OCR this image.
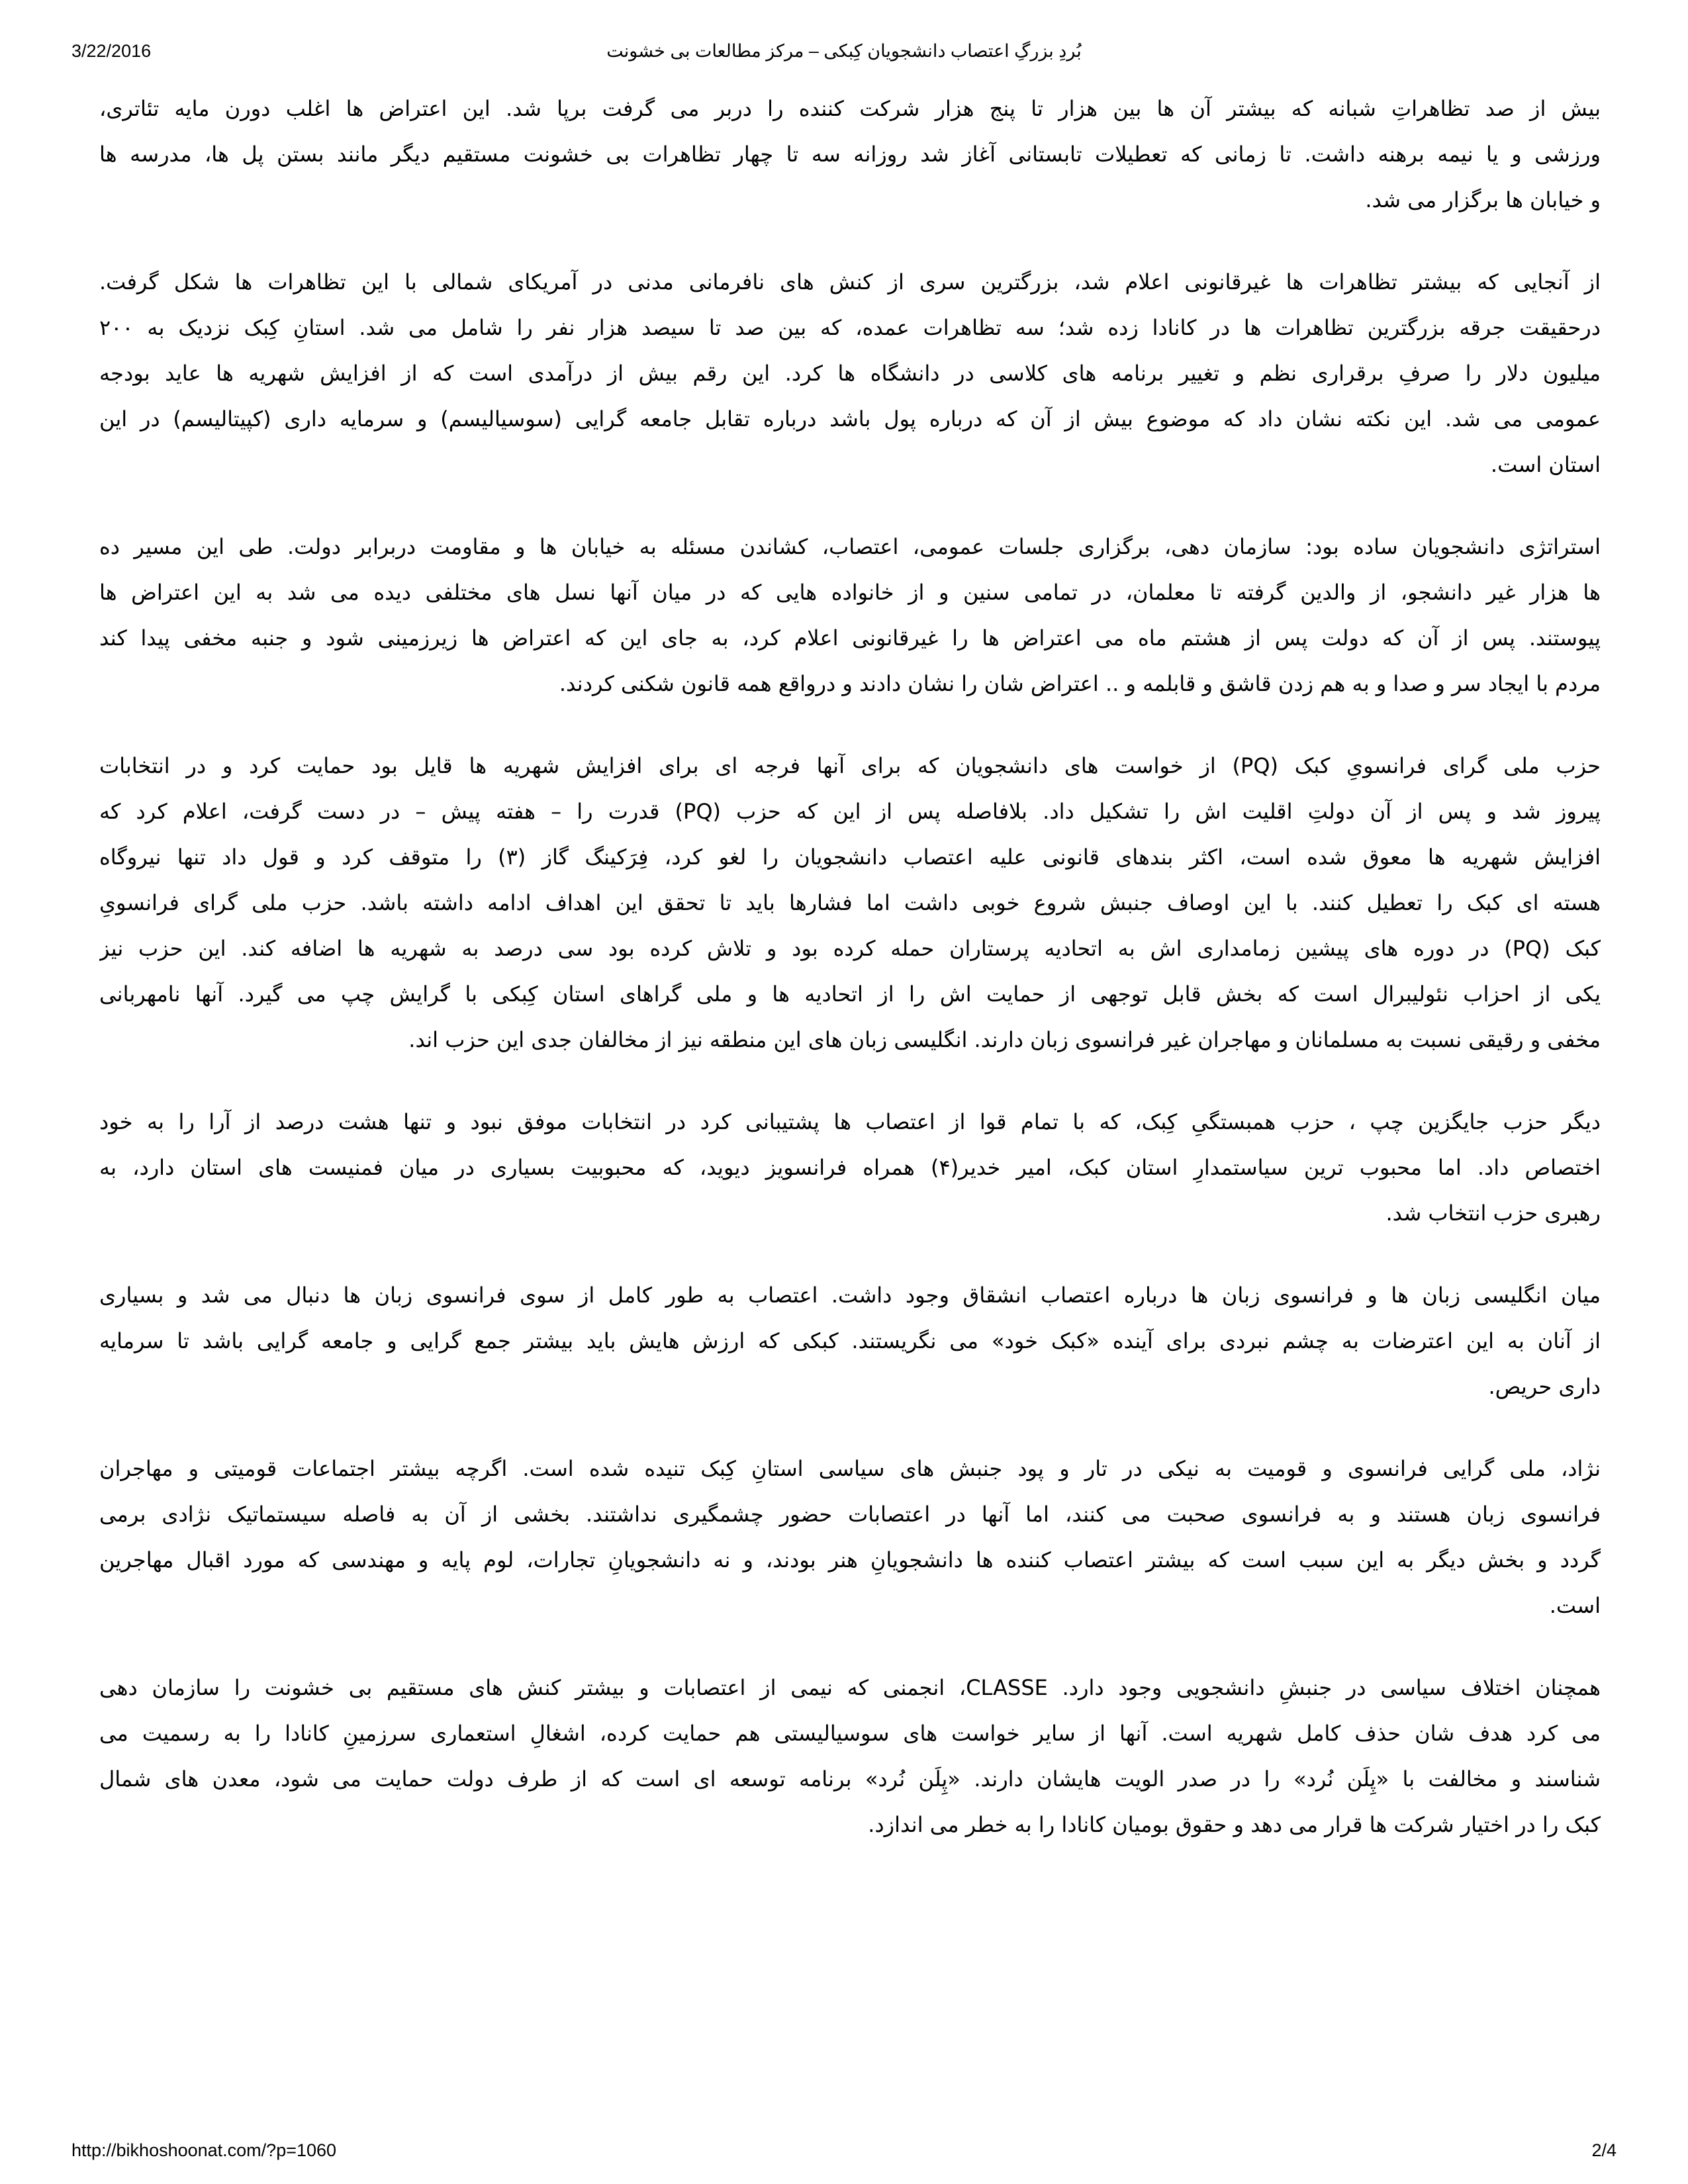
3/22/2016	بُردِ بزرگِ اعتصاب دانشجویان کِبکی – مرکز مطالعات بی خشونت
بیش از صد تظاهراتِ شبانه که بیشتر آن ها بین هزار تا پنج هزار شرکت کننده را دربر می گرفت برپا شد. این اعتراض ها اغلب دورن مایه تئاتری،
ورزشی و یا نیمه برهنه داشت. تا زمانی که تعطیلات تابستانی آغاز شد روزانه سه تا چهار تظاهرات بی خشونت مستقیم دیگر مانند بستن پل ها، مدرسه ها
و خیابان ها برگزار می شد.
از آنجایی که بیشتر تظاهرات ها غیرقانونی اعلام شد، بزرگترین سری از کنش های نافرمانی مدنی در آمریکای شمالی با این تظاهرات ها شکل گرفت.
درحقیقت جرقه بزرگترین تظاهرات ها در کانادا زده شد؛ سه تظاهرات عمده، که بین صد تا سیصد هزار نفر را شامل می شد. استانِ کِبک نزدیک به ۲۰۰
میلیون دلار را صرفِ برقراری نظم و تغییر برنامه های کلاسی در دانشگاه ها کرد. این رقم بیش از درآمدی است که از افزایش شهریه ها عاید بودجه
عمومی می شد. این نکته نشان داد که موضوع بیش از آن که درباره پول باشد درباره تقابل جامعه گرایی (سوسیالیسم) و سرمایه داری (کپیتالیسم) در این
استان است.
استراتژی دانشجویان ساده بود: سازمان دهی، برگزاری جلسات عمومی، اعتصاب، کشاندن مسئله به خیابان ها و مقاومت دربرابر دولت. طی این مسیر ده
ها هزار غیر دانشجو، از والدین گرفته تا معلمان، در تمامی سنین و از خانواده هایی که در میان آنها نسل های مختلفی دیده می شد به این اعتراض ها
پیوستند. پس از آن که دولت پس از هشتم ماه می اعتراض ها را غیرقانونی اعلام کرد، به جای این که اعتراض ها زیرزمینی شود و جنبه مخفی پیدا کند
مردم با ایجاد سر و صدا و به هم زدن قاشق و قابلمه و .. اعتراض شان را نشان دادند و درواقع همه قانون شکنی کردند.
حزب ملی گرای فرانسویِ کبک (PQ) از خواست های دانشجویان که برای آنها فرجه ای برای افزایش شهریه ها قایل بود حمایت کرد و در انتخابات
پیروز شد و پس از آن دولتِ اقلیت اش را تشکیل داد. بلافاصله پس از این که حزب (PQ) قدرت را – هفته پیش – در دست گرفت، اعلام کرد که
افزایش شهریه ها معوق شده است، اکثر بندهای قانونی علیه اعتصاب دانشجویان را لغو کرد، فِرَکینگ گاز (۳) را متوقف کرد و قول داد تنها نیروگاه
هسته ای کبک را تعطیل کنند. با این اوصاف جنبش شروع خوبی داشت اما فشارها باید تا تحقق این اهداف ادامه داشته باشد. حزب ملی گرای فرانسویِ
کبک (PQ) در دوره های پیشین زمامداری اش به اتحادیه پرستاران حمله کرده بود و تلاش کرده بود سی درصد به شهریه ها اضافه کند. این حزب نیز
یکی از احزاب نئولیبرال است که بخش قابل توجهی از حمایت اش را از اتحادیه ها و ملی گراهای استان کِبکی با گرایش چپ می گیرد. آنها نامهربانی
مخفی و رقیقی نسبت به مسلمانان و مهاجران غیر فرانسوی زبان دارند. انگلیسی زبان های این منطقه نیز از مخالفان جدی این حزب اند.
دیگر حزب جایگزین چپ ، حزب همبستگیِ کِبک، که با تمام قوا از اعتصاب ها پشتیبانی کرد در انتخابات موفق نبود و تنها هشت درصد از آرا را به خود
اختصاص داد. اما محبوب ترین سیاستمدارِ استان کبک، امیر خدیر(۴) همراه فرانسویز دیوید، که محبوبیت بسیاری در میان فمنیست های استان دارد، به
رهبری حزب انتخاب شد.
میان انگلیسی زبان ها و فرانسوی زبان ها درباره اعتصاب انشقاق وجود داشت. اعتصاب به طور کامل از سوی فرانسوی زبان ها دنبال می شد و بسیاری
از آنان به این اعترضات به چشم نبردی برای آینده «کبک خود» می نگریستند. کبکی که ارزش هایش باید بیشتر جمع گرایی و جامعه گرایی باشد تا سرمایه
داری حریص.
نژاد، ملی گرایی فرانسوی و قومیت به نیکی در تار و پود جنبش های سیاسی استانِ کِبک تنیده شده است. اگرچه بیشتر اجتماعات قومیتی و مهاجران
فرانسوی زبان هستند و به فرانسوی صحبت می کنند، اما آنها در اعتصابات حضور چشمگیری نداشتند. بخشی از آن به فاصله سیستماتیک نژادی برمی
گردد و بخش دیگر به این سبب است که بیشتر اعتصاب کننده ها دانشجویانِ هنر بودند، و نه دانشجویانِ تجارات، لوم پایه و مهندسی که مورد اقبال مهاجرین
است.
همچنان اختلاف سیاسی در جنبشِ دانشجویی وجود دارد. CLASSE، انجمنی که نیمی از اعتصابات و بیشتر کنش های مستقیم بی خشونت را سازمان دهی
می کرد هدف شان حذف کامل شهریه است. آنها از سایر خواست های سوسیالیستی هم حمایت کرده، اشغالِ استعماری سرزمینِ کانادا را به رسمیت می
شناسند و مخالفت با «پِلَن نُرد» را در صدر الویت هایشان دارند. «پِلَن نُرد» برنامه توسعه ای است که از طرف دولت حمایت می شود، معدن های شمال
کبک را در اختیار شرکت ها قرار می دهد و حقوق بومیان کانادا را به خطر می اندازد.
http://bikhoshoonat.com/?p=1060	2/4
